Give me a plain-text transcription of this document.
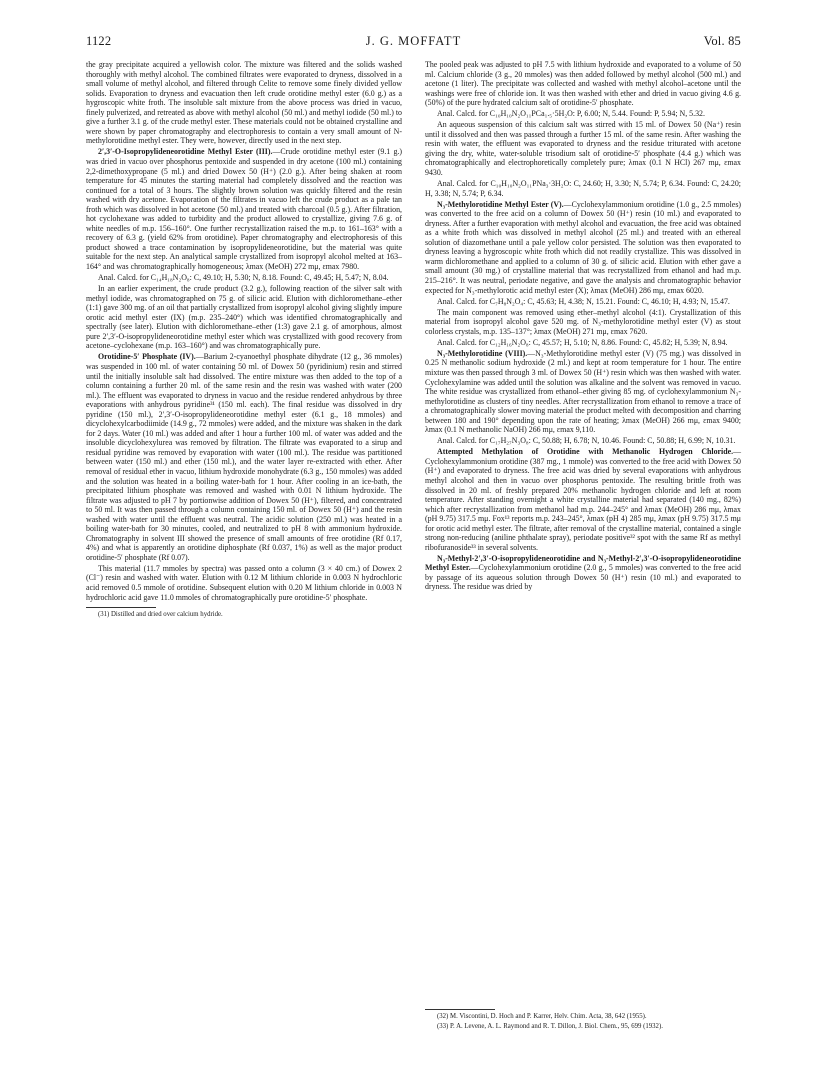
1122	J. G. MOFFATT	Vol. 85

the gray precipitate acquired a yellowish color. The mixture was filtered and the solids washed thoroughly with methyl alcohol. The combined filtrates were evaporated to dryness, dissolved in a small volume of methyl alcohol, and filtered through Celite to remove some finely divided yellow solids. Evaporation to dryness and evacuation then left crude orotidine methyl ester (6.0 g.) as a hygroscopic white froth. The insoluble salt mixture from the above process was dried in vacuo, finely pulverized, and retreated as above with methyl alcohol (50 ml.) and methyl iodide (50 ml.) to give a further 3.1 g. of the crude methyl ester. These materials could not be obtained crystalline and were shown by paper chromatography and electrophoresis to contain a very small amount of N-methylorotidine methyl ester. They were, however, directly used in the next step.

2′,3′-O-Isopropylideneorotidine Methyl Ester (III).—Crude orotidine methyl ester (9.1 g.) was dried in vacuo over phosphorus pentoxide and suspended in dry acetone (100 ml.) containing 2,2-dimethoxypropane (5 ml.) and dried Dowex 50 (H⁺) (2.0 g.). After being shaken at room temperature for 45 minutes the starting material had completely dissolved and the reaction was continued for a total of 3 hours. The slightly brown solution was quickly filtered and the resin washed with dry acetone. Evaporation of the filtrates in vacuo left the crude product as a pale tan froth which was dissolved in hot acetone (50 ml.) and treated with charcoal (0.5 g.). After filtration, hot cyclohexane was added to turbidity and the product allowed to crystallize, giving 7.6 g. of white needles of m.p. 156–160°. One further recrystallization raised the m.p. to 161–163° with a recovery of 6.3 g. (yield 62% from orotidine). Paper chromatography and electrophoresis of this product showed a trace contamination by isopropylideneorotidine, but the material was quite suitable for the next step. An analytical sample crystallized from isopropyl alcohol melted at 163–164° and was chromatographically homogeneous; λmax (MeOH) 272 mμ, εmax 7980.

Anal. Calcd. for C₁₄H₁₈N₂O₈: C, 49.10; H, 5.30; N, 8.18. Found: C, 49.45; H, 5.47; N, 8.04.

In an earlier experiment, the crude product (3.2 g.), following reaction of the silver salt with methyl iodide, was chromatographed on 75 g. of silicic acid. Elution with dichloromethane–ether (1:1) gave 300 mg. of an oil that partially crystallized from isopropyl alcohol giving slightly impure orotic acid methyl ester (IX) (m.p. 235–240°) which was identified chromatographically and spectrally (see later). Elution with dichloromethane–ether (1:3) gave 2.1 g. of amorphous, almost pure 2′,3′-O-isopropylideneorotidine methyl ester which was crystallized with good recovery from acetone–cyclohexane (m.p. 163–160°) and was chromatographically pure.

Orotidine-5′ Phosphate (IV).—Barium 2-cyanoethyl phosphate dihydrate (12 g., 36 mmoles) was suspended in 100 ml. of water containing 50 ml. of Dowex 50 (pyridinium) resin and stirred until the initially insoluble salt had dissolved. The entire mixture was then added to the top of a column containing a further 20 ml. of the same resin and the resin was washed with water (200 ml.). The effluent was evaporated to dryness in vacuo and the residue rendered anhydrous by three evaporations with anhydrous pyridine³¹ (150 ml. each). The final residue was dissolved in dry pyridine (150 ml.), 2′,3′-O-isopropylideneorotidine methyl ester (6.1 g., 18 mmoles) and dicyclohexylcarbodiimide (14.9 g., 72 mmoles) were added, and the mixture was shaken in the dark for 2 days. Water (10 ml.) was added and after 1 hour a further 100 ml. of water was added and the insoluble dicyclohexylurea was removed by filtration. The filtrate was evaporated to a sirup and residual pyridine was removed by evaporation with water (100 ml.). The residue was partitioned between water (150 ml.) and ether (150 ml.), and the water layer re-extracted with ether. After removal of residual ether in vacuo, lithium hydroxide monohydrate (6.3 g., 150 mmoles) was added and the solution was heated in a boiling water-bath for 1 hour. After cooling in an ice-bath, the precipitated lithium phosphate was removed and washed with 0.01 N lithium hydroxide. The filtrate was adjusted to pH 7 by portionwise addition of Dowex 50 (H⁺), filtered, and concentrated to 50 ml. It was then passed through a column containing 150 ml. of Dowex 50 (H⁺) and the resin washed with water until the effluent was neutral. The acidic solution (250 ml.) was heated in a boiling water-bath for 30 minutes, cooled, and neutralized to pH 8 with ammonium hydroxide. Chromatography in solvent III showed the presence of small amounts of free orotidine (Rf 0.17, 4%) and what is apparently an orotidine diphosphate (Rf 0.037, 1%) as well as the major product orotidine-5′ phosphate (Rf 0.07).

This material (11.7 mmoles by spectra) was passed onto a column (3 × 40 cm.) of Dowex 2 (Cl⁻) resin and washed with water. Elution with 0.12 M lithium chloride in 0.003 N hydrochloric acid removed 0.5 mmole of orotidine. Subsequent elution with 0.20 M lithium chloride in 0.003 N hydrochloric acid gave 11.0 mmoles of chromatographically pure orotidine-5′ phosphate.

(31) Distilled and dried over calcium hydride.

The pooled peak was adjusted to pH 7.5 with lithium hydroxide and evaporated to a volume of 50 ml. Calcium chloride (3 g., 20 mmoles) was then added followed by methyl alcohol (500 ml.) and acetone (1 liter). The precipitate was collected and washed with methyl alcohol–acetone until the washings were free of chloride ion. It was then washed with ether and dried in vacuo giving 4.6 g. (50%) of the pure hydrated calcium salt of orotidine-5′ phosphate.

Anal. Calcd. for C₁₀H₁₀N₂O₁₁PCa₁.₅·5H₂O: P, 6.00; N, 5.44. Found: P, 5.94; N, 5.32.

An aqueous suspension of this calcium salt was stirred with 15 ml. of Dowex 50 (Na⁺) resin until it dissolved and then was passed through a further 15 ml. of the same resin. After washing the resin with water, the effluent was evaporated to dryness and the residue triturated with acetone giving the dry, white, water-soluble trisodium salt of orotidine-5′ phosphate (4.4 g.) which was chromatographically and electrophoretically completely pure; λmax (0.1 N HCl) 267 mμ, εmax 9430.

Anal. Calcd. for C₁₀H₁₀N₂O₁₁PNa₃·3H₂O: C, 24.60; H, 3.30; N, 5.74; P, 6.34. Found: C, 24.20; H, 3.38; N, 5.74; P, 6.34.

N₃-Methylorotidine Methyl Ester (V).—Cyclohexylammonium orotidine (1.0 g., 2.5 mmoles) was converted to the free acid on a column of Dowex 50 (H⁺) resin (10 ml.) and evaporated to dryness. After a further evaporation with methyl alcohol and evacuation, the free acid was obtained as a white froth which was dissolved in methyl alcohol (25 ml.) and treated with an ethereal solution of diazomethane until a pale yellow color persisted. The solution was then evaporated to dryness leaving a hygroscopic white froth which did not readily crystallize. This was dissolved in warm dichloromethane and applied to a column of 30 g. of silicic acid. Elution with ether gave a small amount (30 mg.) of crystalline material that was recrystallized from ethanol and had m.p. 215–216°. It was neutral, periodate negative, and gave the analysis and chromatographic behavior expected for N₃-methylorotic acid methyl ester (X); λmax (MeOH) 286 mμ, εmax 6020.

Anal. Calcd. for C₇H₈N₂O₄: C, 45.63; H, 4.38; N, 15.21. Found: C, 46.10; H, 4.93; N, 15.47.

The main component was removed using ether–methyl alcohol (4:1). Crystallization of this material from isopropyl alcohol gave 520 mg. of N₃-methylorotidine methyl ester (V) as stout colorless crystals, m.p. 135–137°; λmax (MeOH) 271 mμ, εmax 7620.

Anal. Calcd. for C₁₂H₁₆N₂O₈: C, 45.57; H, 5.10; N, 8.86. Found: C, 45.82; H, 5.39; N, 8.94.

N₃-Methylorotidine (VIII).—N₃-Methylorotidine methyl ester (V) (75 mg.) was dissolved in 0.25 N methanolic sodium hydroxide (2 ml.) and kept at room temperature for 1 hour. The entire mixture was then passed through 3 ml. of Dowex 50 (H⁺) resin which was then washed with water. Cyclohexylamine was added until the solution was alkaline and the solvent was removed in vacuo. The white residue was crystallized from ethanol–ether giving 85 mg. of cyclohexylammonium N₃-methylorotidine as clusters of tiny needles. After recrystallization from ethanol to remove a trace of a chromatographically slower moving material the product melted with decomposition and charring between 180 and 190° depending upon the rate of heating; λmax (MeOH) 266 mμ, εmax 9400; λmax (0.1 N methanolic NaOH) 266 mμ, εmax 9,110.

Anal. Calcd. for C₁₇H₂₇N₃O₈: C, 50.88; H, 6.78; N, 10.46. Found: C, 50.88; H, 6.99; N, 10.31.

Attempted Methylation of Orotidine with Methanolic Hydrogen Chloride.—Cyclohexylammonium orotidine (387 mg., 1 mmole) was converted to the free acid with Dowex 50 (H⁺) and evaporated to dryness. The free acid was dried by several evaporations with anhydrous methyl alcohol and then in vacuo over phosphorus pentoxide. The resulting brittle froth was dissolved in 20 ml. of freshly prepared 20% methanolic hydrogen chloride and left at room temperature. After standing overnight a white crystalline material had separated (140 mg., 82%) which after recrystallization from methanol had m.p. 244–245° and λmax (MeOH) 286 mμ, λmax (pH 9.75) 317.5 mμ. Fox¹³ reports m.p. 243–245°, λmax (pH 4) 285 mμ, λmax (pH 9.75) 317.5 mμ for orotic acid methyl ester. The filtrate, after removal of the crystalline material, contained a single strong non-reducing (aniline phthalate spray), periodate positive³² spot with the same Rf as methyl ribofuranoside³³ in several solvents.

N₃-Methyl-2′,3′-O-isopropylideneorotidine and N₃-Methyl-2′,3′-O-isopropylideneorotidine Methyl Ester.—Cyclohexylammonium orotidine (2.0 g., 5 mmoles) was converted to the free acid by passage of its aqueous solution through Dowex 50 (H⁺) resin (10 ml.) and evaporated to dryness. The residue was dried by

(32) M. Viscontini, D. Hoch and P. Karrer, Helv. Chim. Acta, 38, 642 (1955).

(33) P. A. Levene, A. L. Raymond and R. T. Dillon, J. Biol. Chem., 95, 699 (1932).
